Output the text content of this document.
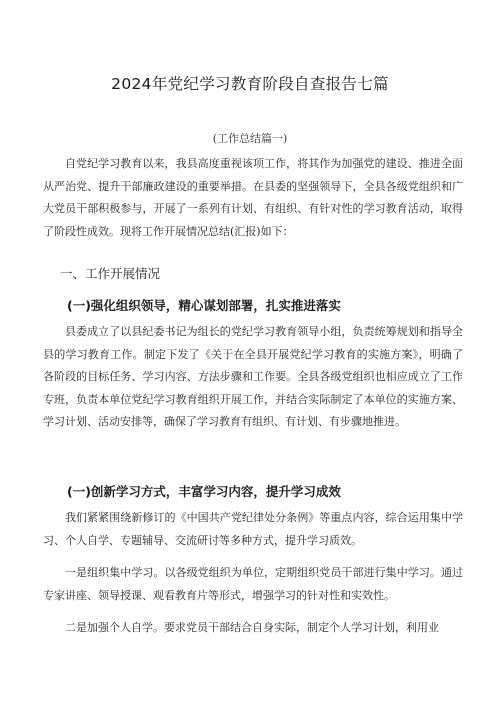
2024年党纪学习教育阶段自查报告七篇
(工作总结篇一)
自党纪学习教育以来，我县高度重视该项工作，将其作为加强党的建设、推进全面从严治党、提升干部廉政建设的重要举措。在县委的坚强领导下，全县各级党组织和广大党员干部积极参与，开展了一系列有计划、有组织、有针对性的学习教育活动，取得了阶段性成效。现将工作开展情况总结(汇报)如下：
一、工作开展情况
(一)强化组织领导，精心谋划部署，扎实推进落实
县委成立了以县纪委书记为组长的党纪学习教育领导小组，负责统筹规划和指导全县的学习教育工作。制定下发了《关于在全县开展党纪学习教育的实施方案》，明确了各阶段的目标任务、学习内容、方法步骤和工作要。全县各级党组织也相应成立了工作专班，负责本单位党纪学习教育组织开展工作，并结合实际制定了本单位的实施方案、学习计划、活动安排等，确保了学习教育有组织、有计划、有步骤地推进。
(一)创新学习方式，丰富学习内容，提升学习成效
我们紧紧围绕新修订的《中国共产党纪律处分条例》等重点内容，综合运用集中学习、个人自学、专题辅导、交流研讨等多种方式，提升学习质效。
一是组织集中学习。以各级党组织为单位，定期组织党员干部进行集中学习。通过专家讲座、领导授课、观看教育片等形式，增强学习的针对性和实效性。
二是加强个人自学。要求党员干部结合自身实际，制定个人学习计划，利用业
